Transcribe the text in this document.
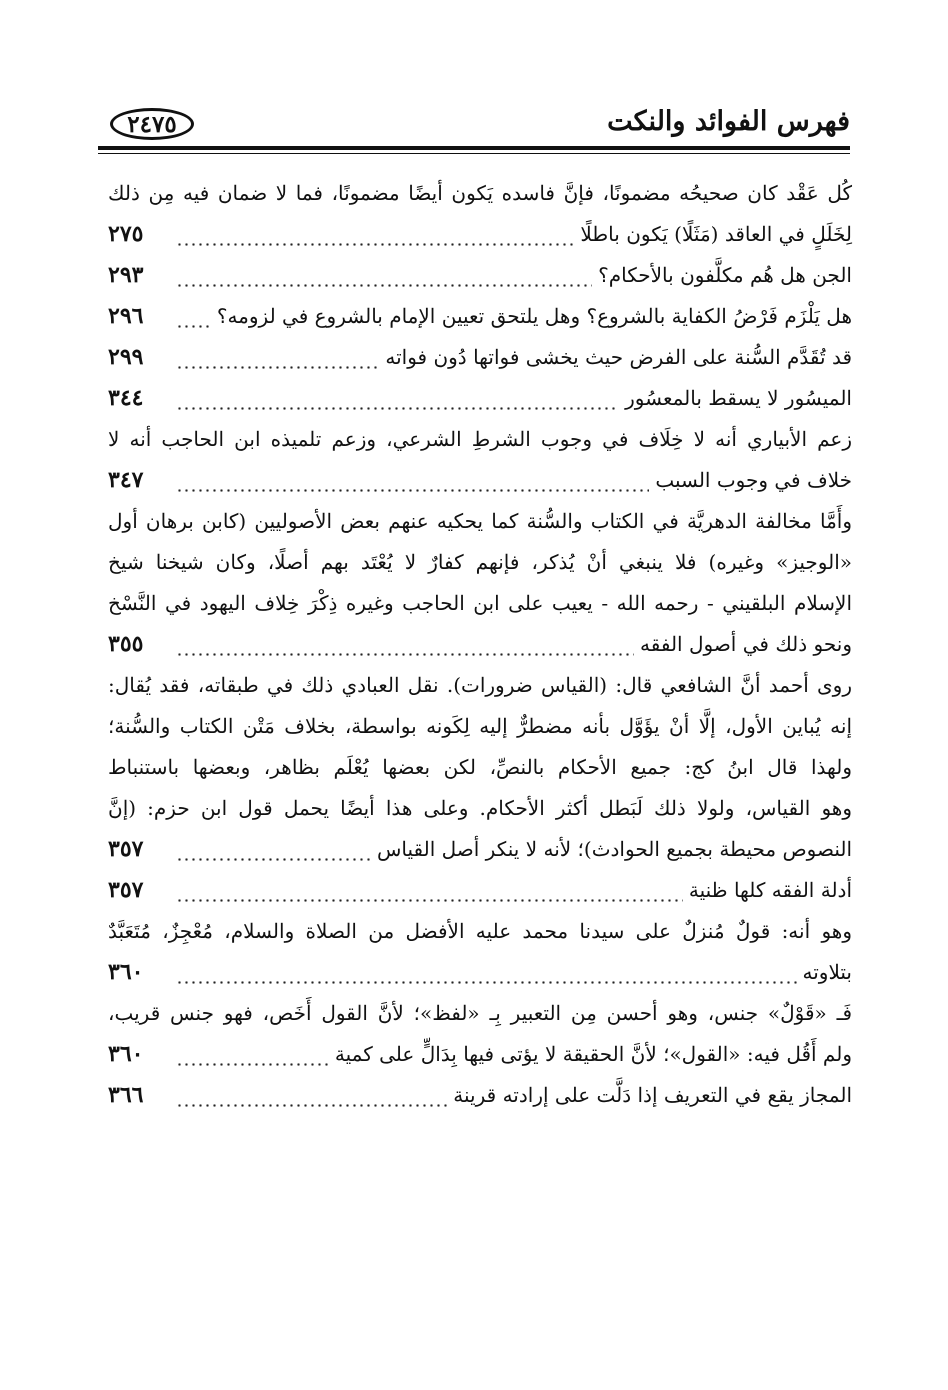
فهرس الفوائد والنكت
٢٤٧٥
كُل عَقْد كان صحيحُه مضمونًا، فإنَّ فاسده يَكون أيضًا مضمونًا، فما لا ضمان فيه مِن ذلك
لِخَلَلٍ في العاقد (مَثَلًا) يَكون باطلًا
٢٧٥
الجن هل هُم مكلَّفون بالأحكام؟
٢٩٣
هل يَلْزَم فَرْضُ الكفاية بالشروع؟ وهل يلتحق تعيين الإمام بالشروع في لزومه؟
٢٩٦
قد تُقَدَّم السُّنة على الفرض حيث يخشى فواتها دُون فواته
٢٩٩
الميسُور لا يسقط بالمعسُور
٣٤٤
زعم الأبياري أنه لا خِلَاف في وجوب الشرطِ الشرعي، وزعم تلميذه ابن الحاجب أنه لا
خلاف في وجوب السبب
٣٤٧
وأَمَّا مخالفة الدهريَّة في الكتاب والسُّنة كما يحكيه عنهم بعض الأصوليين (كابن برهان أول
«الوجيز» وغيره) فلا ينبغي أنْ يُذكر، فإنهم كفارٌ لا يُعْتَد بهم أصلًا، وكان شيخنا شيخ
الإسلام البلقيني - رحمه الله - يعيب على ابن الحاجب وغيره ذِكْرَ خِلاف اليهود في النَّسْخ
ونحو ذلك في أصول الفقه
٣٥٥
روى أحمد أنَّ الشافعي قال: (القياس ضرورات). نقل العبادي ذلك في طبقاته، فقد يُقال:
إنه يُباين الأول، إلَّا أنْ يؤَوَّل بأنه مضطرٌّ إليه لِكَونه بواسطة، بخلاف مَتْن الكتاب والسُّنة؛
ولهذا قال ابنُ كج: جميع الأحكام بالنصِّ، لكن بعضها يُعْلَم بظاهر، وبعضها باستنباط
وهو القياس، ولولا ذلك لَبَطل أكثر الأحكام. وعلى هذا أيضًا يحمل قول ابن حزم: (إنَّ
النصوص محيطة بجميع الحوادث)؛ لأنه لا ينكر أصل القياس
٣٥٧
أدلة الفقه كلها ظنية
٣٥٧
وهو أنه: قولٌ مُنزلٌ على سيدنا محمد عليه الأفضل من الصلاة والسلام، مُعْجِزٌ، مُتَعَبَّدٌ
بتلاوته
٣٦٠
فَـ «قَوْلٌ» جنس، وهو أحسن مِن التعبير بِـ «لفظ»؛ لأنَّ القول أَخَص، فهو جنس قريب،
ولم أَقُل فيه: «القول»؛ لأنَّ الحقيقة لا يؤتى فيها بِدَالٍّ على كمية
٣٦٠
المجاز يقع في التعريف إذا دَلَّت على إرادته قرينة
٣٦٦
